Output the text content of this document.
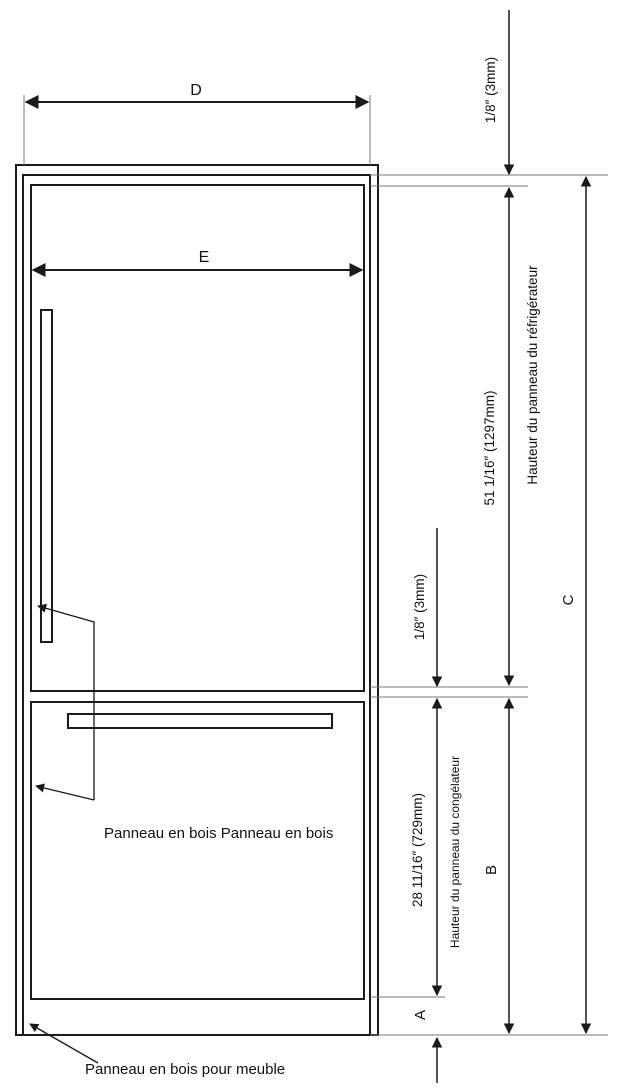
D
E
1/8″ (3mm)
51 1/16″ (1297mm) Hauteur du panneau du réfrigérateur
C
1/8″ (3mm)
28 11/16″ (729mm) Hauteur du panneau du congélateur B
A
Panneau en bois Panneau en bois
Panneau en bois pour meuble
